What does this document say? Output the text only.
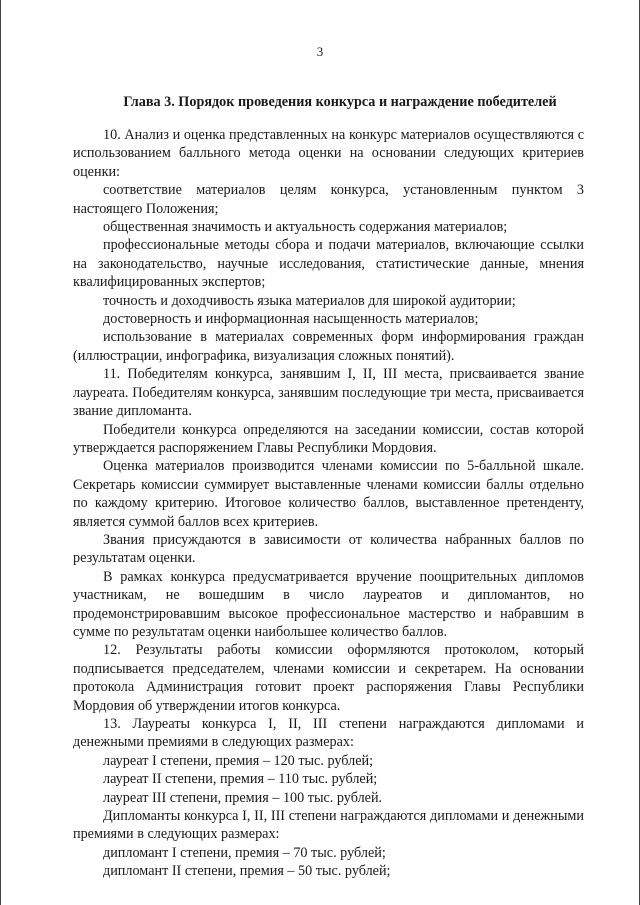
3
Глава 3. Порядок проведения конкурса и награждение победителей

10. Анализ и оценка представленных на конкурс материалов осуществляются с использованием балльного метода оценки на основании следующих критериев оценки:

соответствие материалов целям конкурса, установленным пунктом 3 настоящего Положения;

общественная значимость и актуальность содержания материалов;

профессиональные методы сбора и подачи материалов, включающие ссылки на законодательство, научные исследования, статистические данные, мнения квалифицированных экспертов;

точность и доходчивость языка материалов для широкой аудитории;

достоверность и информационная насыщенность материалов;

использование в материалах современных форм информирования граждан (иллюстрации, инфографика, визуализация сложных понятий).

11. Победителям конкурса, занявшим I, II, III места, присваивается звание лауреата. Победителям конкурса, занявшим последующие три места, присваивается звание дипломанта.

Победители конкурса определяются на заседании комиссии, состав которой утверждается распоряжением Главы Республики Мордовия.

Оценка материалов производится членами комиссии по 5-балльной шкале. Секретарь комиссии суммирует выставленные членами комиссии баллы отдельно по каждому критерию. Итоговое количество баллов, выставленное претенденту, является суммой баллов всех критериев.

Звания присуждаются в зависимости от количества набранных баллов по результатам оценки.

В рамках конкурса предусматривается вручение поощрительных дипломов участникам, не вошедшим в число лауреатов и дипломантов, но продемонстрировавшим высокое профессиональное мастерство и набравшим в сумме по результатам оценки наибольшее количество баллов.

12. Результаты работы комиссии оформляются протоколом, который подписывается председателем, членами комиссии и секретарем. На основании протокола Администрация готовит проект распоряжения Главы Республики Мордовия об утверждении итогов конкурса.

13. Лауреаты конкурса I, II, III степени награждаются дипломами и денежными премиями в следующих размерах:

лауреат I степени, премия – 120 тыс. рублей;

лауреат II степени, премия – 110 тыс. рублей;

лауреат III степени, премия – 100 тыс. рублей.

Дипломанты конкурса I, II, III степени награждаются дипломами и денежными премиями в следующих размерах:

дипломант I степени, премия – 70 тыс. рублей;

дипломант II степени, премия – 50 тыс. рублей;
